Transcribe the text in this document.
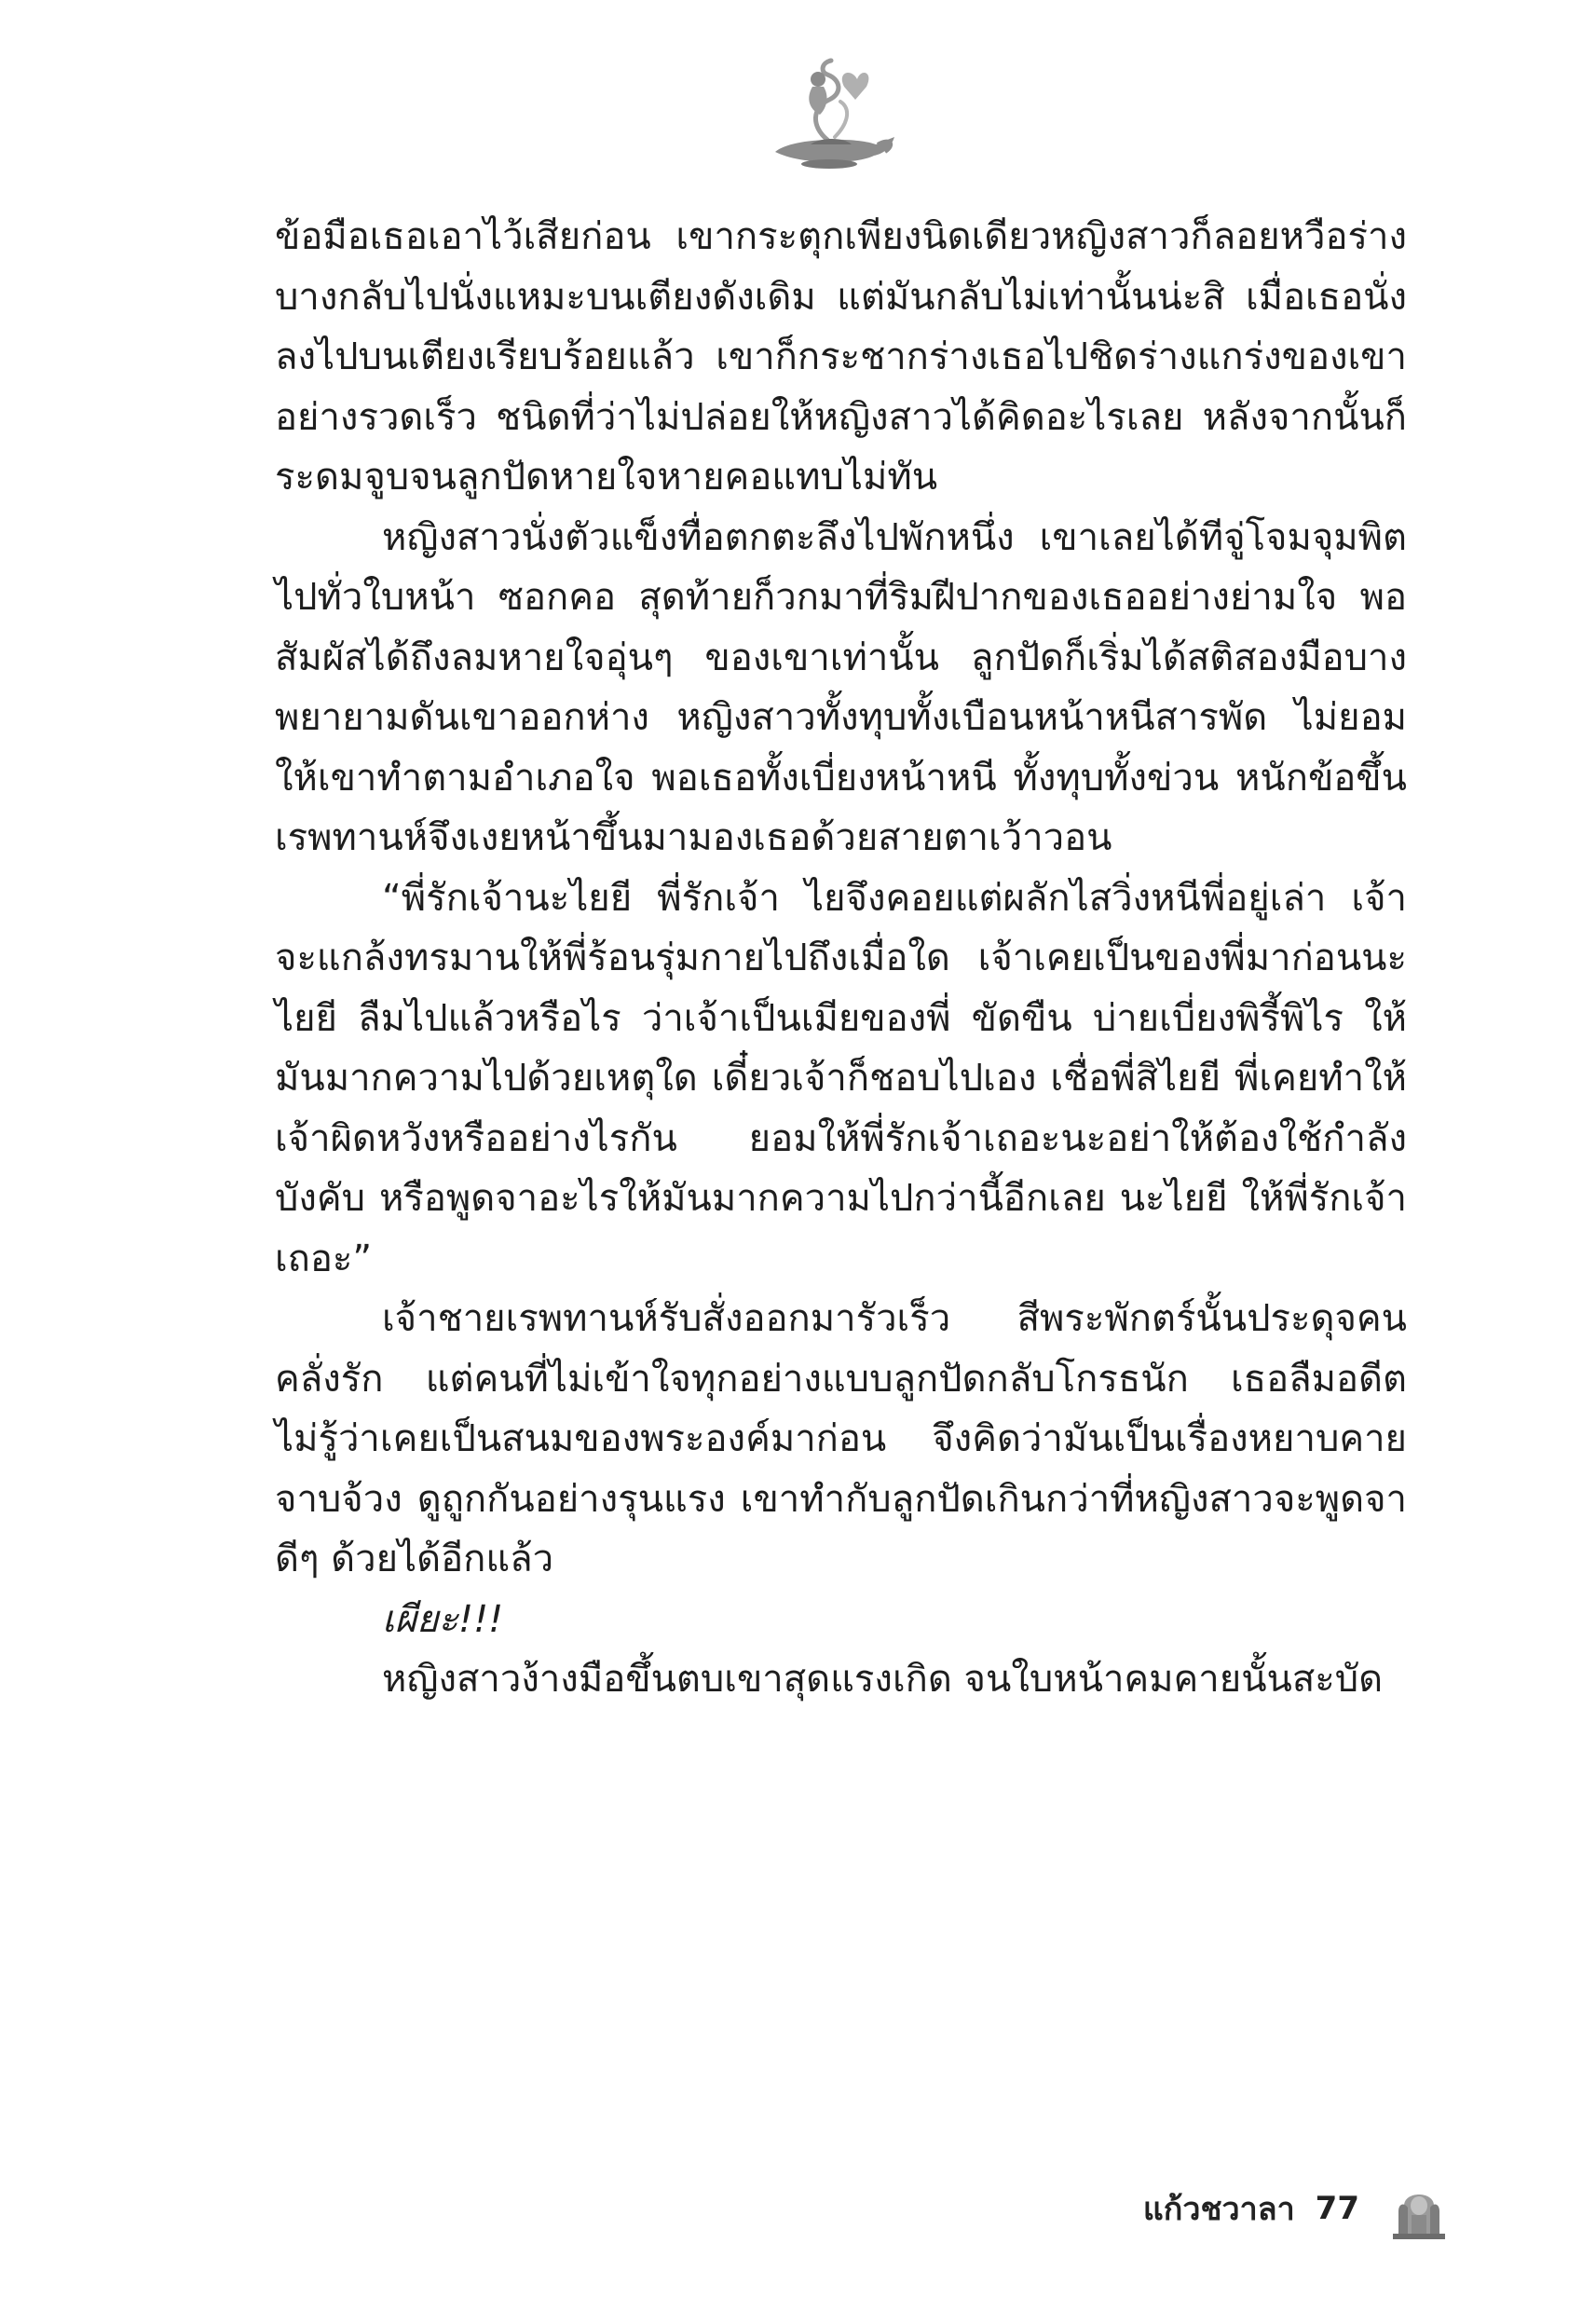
ข้อมือเธอเอาไว้เสียก่อน เขากระตุกเพียงนิดเดียวหญิงสาวก็ลอยหวือร่างบางกลับไปนั่งแหมะบนเตียงดังเดิม แต่มันกลับไม่เท่านั้นน่ะสิ เมื่อเธอนั่งลงไปบนเตียงเรียบร้อยแล้ว เขาก็กระชากร่างเธอไปชิดร่างแกร่งของเขาอย่างรวดเร็ว ชนิดที่ว่าไม่ปล่อยให้หญิงสาวได้คิดอะไรเลย หลังจากนั้นก็ระดมจูบจนลูกปัดหายใจหายคอแทบไม่ทัน

หญิงสาวนั่งตัวแข็งทื่อตกตะลึงไปพักหนึ่ง เขาเลยได้ทีจู่โจมจุมพิตไปทั่วใบหน้า ซอกคอ สุดท้ายก็วกมาที่ริมฝีปากของเธออย่างย่ามใจ พอสัมผัสได้ถึงลมหายใจอุ่นๆ ของเขาเท่านั้น ลูกปัดก็เริ่มได้สติสองมือบางพยายามดันเขาออกห่าง หญิงสาวทั้งทุบทั้งเบือนหน้าหนีสารพัด ไม่ยอมให้เขาทำตามอำเภอใจ พอเธอทั้งเบี่ยงหน้าหนี ทั้งทุบทั้งข่วน หนักข้อขึ้น เรพทานห์จึงเงยหน้าขึ้นมามองเธอด้วยสายตาเว้าวอน

“พี่รักเจ้านะไยยี พี่รักเจ้า ไยจึงคอยแต่ผลักไสวิ่งหนีพี่อยู่เล่า เจ้าจะแกล้งทรมานให้พี่ร้อนรุ่มกายไปถึงเมื่อใด เจ้าเคยเป็นของพี่มาก่อนนะไยยี ลืมไปแล้วหรือไร ว่าเจ้าเป็นเมียของพี่ ขัดขืน บ่ายเบี่ยงพิรี้พิไร ให้มันมากความไปด้วยเหตุใด เดี๋ยวเจ้าก็ชอบไปเอง เชื่อพี่สิไยยี พี่เคยทำให้เจ้าผิดหวังหรืออย่างไรกัน ยอมให้พี่รักเจ้าเถอะนะอย่าให้ต้องใช้กำลังบังคับ หรือพูดจาอะไรให้มันมากความไปกว่านี้อีกเลย นะไยยี ให้พี่รักเจ้าเถอะ”

เจ้าชายเรพทานห์รับสั่งออกมารัวเร็ว สีพระพักตร์นั้นประดุจคนคลั่งรัก แต่คนที่ไม่เข้าใจทุกอย่างแบบลูกปัดกลับโกรธนัก เธอลืมอดีตไม่รู้ว่าเคยเป็นสนมของพระองค์มาก่อน จึงคิดว่ามันเป็นเรื่องหยาบคาย จาบจ้วง ดูถูกกันอย่างรุนแรง เขาทำกับลูกปัดเกินกว่าที่หญิงสาวจะพูดจาดีๆ ด้วยได้อีกแล้ว

เผียะ!!!

หญิงสาวง้างมือขึ้นตบเขาสุดแรงเกิด จนใบหน้าคมคายนั้นสะบัด

แก้วชวาลา 77
